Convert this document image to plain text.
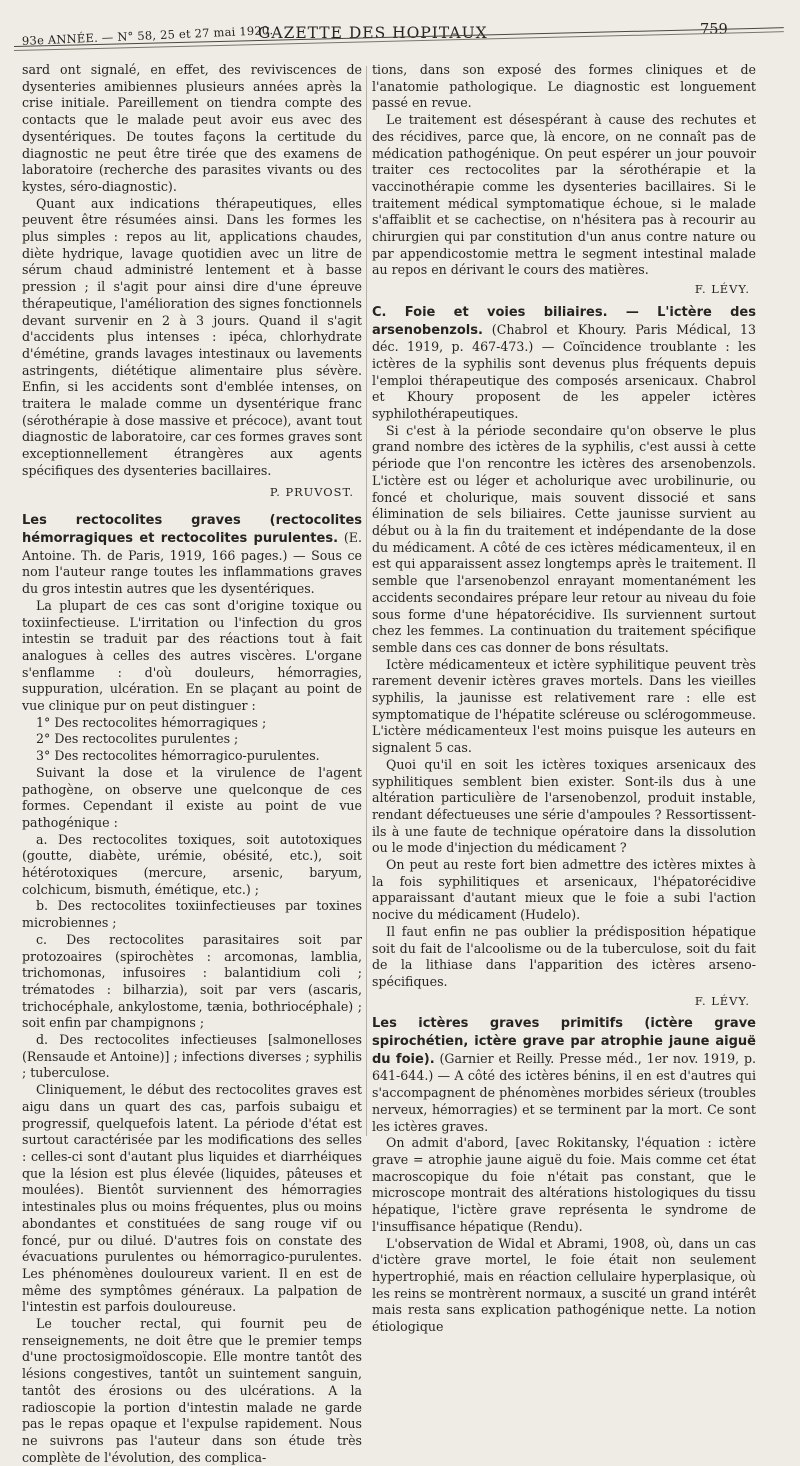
93e ANNÉE. — N° 58, 25 et 27 mai 1920.
GAZETTE DES HOPITAUX	759

sard ont signalé, en effet, des reviviscences de dysenteries amibiennes plusieurs années après la crise initiale. Pareillement on tiendra compte des contacts que le malade peut avoir eus avec des dysentériques. De toutes façons la certitude du diagnostic ne peut être tirée que des examens de laboratoire (recherche des parasites vivants ou des kystes, séro-diagnostic).

Quant aux indications thérapeutiques, elles peuvent être résumées ainsi. Dans les formes les plus simples : repos au lit, applications chaudes, diète hydrique, lavage quotidien avec un litre de sérum chaud administré lentement et à basse pression ; il s'agit pour ainsi dire d'une épreuve thérapeutique, l'amélioration des signes fonctionnels devant survenir en 2 à 3 jours. Quand il s'agit d'accidents plus intenses : ipéca, chlorhydrate d'émétine, grands lavages intestinaux ou lavements astringents, diététique alimentaire plus sévère. Enfin, si les accidents sont d'emblée intenses, on traitera le malade comme un dysentérique franc (sérothérapie à dose massive et précoce), avant tout diagnostic de laboratoire, car ces formes graves sont exceptionnellement étrangères aux agents spécifiques des dysenteries bacillaires.

P. PRUVOST.

Les rectocolites graves (rectocolites hémorragiques et rectocolites purulentes. (E. Antoine. Th. de Paris, 1919, 166 pages.) — Sous ce nom l'auteur range toutes les inflammations graves du gros intestin autres que les dysentériques.

La plupart de ces cas sont d'origine toxique ou toxiinfectieuse. L'irritation ou l'infection du gros intestin se traduit par des réactions tout à fait analogues à celles des autres viscères. L'organe s'enflamme : d'où douleurs, hémorragies, suppuration, ulcération. En se plaçant au point de vue clinique pur on peut distinguer :

1° Des rectocolites hémorragiques ;
2° Des rectocolites purulentes ;
3° Des rectocolites hémorragico-purulentes.

Suivant la dose et la virulence de l'agent pathogène, on observe une quelconque de ces formes. Cependant il existe au point de vue pathogénique :

a. Des rectocolites toxiques, soit autotoxiques (goutte, diabète, urémie, obésité, etc.), soit hétérotoxiques (mercure, arsenic, baryum, colchicum, bismuth, émétique, etc.) ;
b. Des rectocolites toxiinfectieuses par toxines microbiennes ;
c. Des rectocolites parasitaires soit par protozoaires (spirochètes : arcomonas, lamblia, trichomonas, infusoires : balantidium coli ; trématodes : bilharzia), soit par vers (ascaris, trichocéphale, ankylostome, tænia, bothriocéphale) ; soit enfin par champignons ;
d. Des rectocolites infectieuses [salmonelloses (Rensaude et Antoine)] ; infections diverses ; syphilis ; tuberculose.

Cliniquement, le début des rectocolites graves est aigu dans un quart des cas, parfois subaigu et progressif, quelquefois latent. La période d'état est surtout caractérisée par les modifications des selles : celles-ci sont d'autant plus liquides et diarrhéiques que la lésion est plus élevée (liquides, pâteuses et moulées). Bientôt surviennent des hémorragies intestinales plus ou moins fréquentes, plus ou moins abondantes et constituées de sang rouge vif ou foncé, pur ou dilué. D'autres fois on constate des évacuations purulentes ou hémorragico-purulentes. Les phénomènes douloureux varient. Il en est de même des symptômes généraux. La palpation de l'intestin est parfois douloureuse.

Le toucher rectal, qui fournit peu de renseignements, ne doit être que le premier temps d'une proctosigmoïdoscopie. Elle montre tantôt des lésions congestives, tantôt un suintement sanguin, tantôt des érosions ou des ulcérations. A la radioscopie la portion d'intestin malade ne garde pas le repas opaque et l'expulse rapidement. Nous ne suivrons pas l'auteur dans son étude très complète de l'évolution, des complica-

tions, dans son exposé des formes cliniques et de l'anatomie pathologique. Le diagnostic est longuement passé en revue.

Le traitement est désespérant à cause des rechutes et des récidives, parce que, là encore, on ne connaît pas de médication pathogénique. On peut espérer un jour pouvoir traiter ces rectocolites par la sérothérapie et la vaccinothérapie comme les dysenteries bacillaires. Si le traitement médical symptomatique échoue, si le malade s'affaiblit et se cachectise, on n'hésitera pas à recourir au chirurgien qui par constitution d'un anus contre nature ou par appendicostomie mettra le segment intestinal malade au repos en dérivant le cours des matières.

F. LÉVY.

C. Foie et voies biliaires. — L'ictère des arsenobenzols. (Chabrol et Khoury. Paris Médical, 13 déc. 1919, p. 467-473.) — Coïncidence troublante : les ictères de la syphilis sont devenus plus fréquents depuis l'emploi thérapeutique des composés arsenicaux. Chabrol et Khoury proposent de les appeler ictères syphilothérapeutiques.

Si c'est à la période secondaire qu'on observe le plus grand nombre des ictères de la syphilis, c'est aussi à cette période que l'on rencontre les ictères des arsenobenzols. L'ictère est ou léger et acholurique avec urobilinurie, ou foncé et cholurique, mais souvent dissocié et sans élimination de sels biliaires. Cette jaunisse survient au début ou à la fin du traitement et indépendante de la dose du médicament. A côté de ces ictères médicamenteux, il en est qui apparaissent assez longtemps après le traitement. Il semble que l'arsenobenzol enrayant momentanément les accidents secondaires prépare leur retour au niveau du foie sous forme d'une hépatorécidive. Ils surviennent surtout chez les femmes. La continuation du traitement spécifique semble dans ces cas donner de bons résultats.

Ictère médicamenteux et ictère syphilitique peuvent très rarement devenir ictères graves mortels. Dans les vieilles syphilis, la jaunisse est relativement rare : elle est symptomatique de l'hépatite scléreuse ou sclérogommeuse. L'ictère médicamenteux l'est moins puisque les auteurs en signalent 5 cas.

Quoi qu'il en soit les ictères toxiques arsenicaux des syphilitiques semblent bien exister. Sont-ils dus à une altération particulière de l'arsenobenzol, produit instable, rendant défectueuses une série d'ampoules ? Ressortissent-ils à une faute de technique opératoire dans la dissolution ou le mode d'injection du médicament ?

On peut au reste fort bien admettre des ictères mixtes à la fois syphilitiques et arsenicaux, l'hépatorécidive apparaissant d'autant mieux que le foie a subi l'action nocive du médicament (Hudelo).

Il faut enfin ne pas oublier la prédisposition hépatique soit du fait de l'alcoolisme ou de la tuberculose, soit du fait de la lithiase dans l'apparition des ictères arseno-spécifiques.

F. LÉVY.

Les ictères graves primitifs (ictère grave spirochétien, ictère grave par atrophie jaune aiguë du foie). (Garnier et Reilly. Presse méd., 1er nov. 1919, p. 641-644.) — A côté des ictères bénins, il en est d'autres qui s'accompagnent de phénomènes morbides sérieux (troubles nerveux, hémorragies) et se terminent par la mort. Ce sont les ictères graves.

On admit d'abord, [avec Rokitansky, l'équation : ictère grave = atrophie jaune aiguë du foie. Mais comme cet état macroscopique du foie n'était pas constant, que le microscope montrait des altérations histologiques du tissu hépatique, l'ictère grave représenta le syndrome de l'insuffisance hépatique (Rendu).

L'observation de Widal et Abrami, 1908, où, dans un cas d'ictère grave mortel, le foie était non seulement hypertrophié, mais en réaction cellulaire hyperplasique, où les reins se montrèrent normaux, a suscité un grand intérêt mais resta sans explication pathogénique nette. La notion étiologique
